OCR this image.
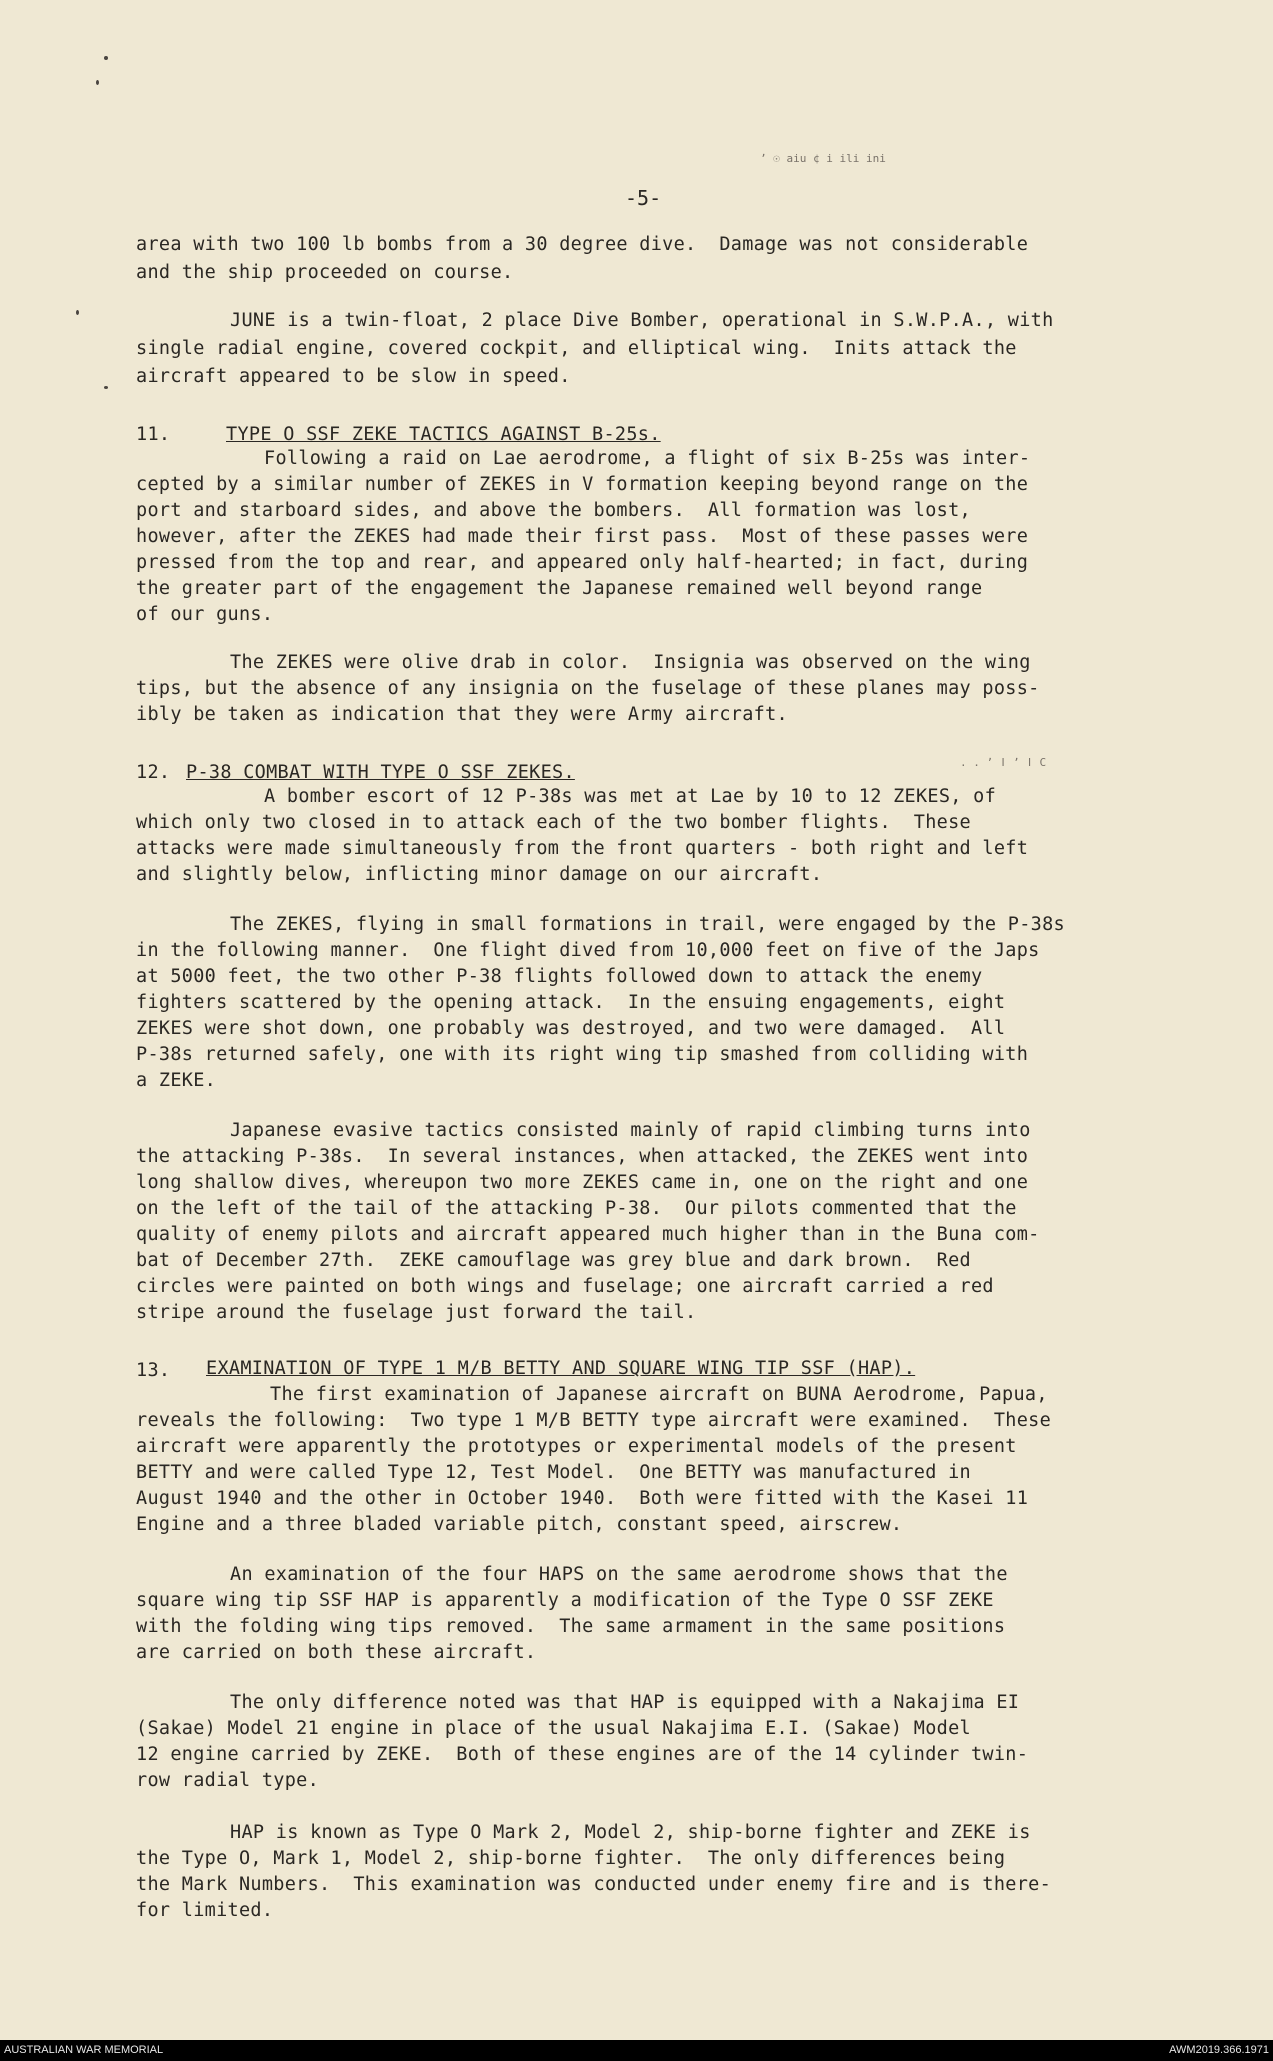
ʼ ☉ aiu ¢ i ili ini
-5-
area with two 100 lb bombs from a 30 degree dive.  Damage was not considerable
and the ship proceeded on course.
JUNE is a twin-float, 2 place Dive Bomber, operational in S.W.P.A., with
single radial engine, covered cockpit, and elliptical wing.  Inits attack the
aircraft appeared to be slow in speed.
11.	TYPE O SSF ZEKE TACTICS AGAINST B-25s.
Following a raid on Lae aerodrome, a flight of six B-25s was inter-
cepted by a similar number of ZEKES in V formation keeping beyond range on the
port and starboard sides, and above the bombers.  All formation was lost,
however, after the ZEKES had made their first pass.  Most of these passes were
pressed from the top and rear, and appeared only half-hearted; in fact, during
the greater part of the engagement the Japanese remained well beyond range
of our guns.
The ZEKES were olive drab in color.  Insignia was observed on the wing
tips, but the absence of any insignia on the fuselage of these planes may poss-
ibly be taken as indication that they were Army aircraft.
12. P-38 COMBAT WITH TYPE O SSF ZEKES.	. . ʼ ǀ ʼ ǀ C
A bomber escort of 12 P-38s was met at Lae by 10 to 12 ZEKES, of
which only two closed in to attack each of the two bomber flights.  These
attacks were made simultaneously from the front quarters - both right and left
and slightly below, inflicting minor damage on our aircraft.
The ZEKES, flying in small formations in trail, were engaged by the P-38s
in the following manner.  One flight dived from 10,000 feet on five of the Japs
at 5000 feet, the two other P-38 flights followed down to attack the enemy
fighters scattered by the opening attack.  In the ensuing engagements, eight
ZEKES were shot down, one probably was destroyed, and two were damaged.  All
P-38s returned safely, one with its right wing tip smashed from colliding with
a ZEKE.
Japanese evasive tactics consisted mainly of rapid climbing turns into
the attacking P-38s.  In several instances, when attacked, the ZEKES went into
long shallow dives, whereupon two more ZEKES came in, one on the right and one
on the left of the tail of the attacking P-38.  Our pilots commented that the
quality of enemy pilots and aircraft appeared much higher than in the Buna com-
bat of December 27th.  ZEKE camouflage was grey blue and dark brown.  Red
circles were painted on both wings and fuselage; one aircraft carried a red
stripe around the fuselage just forward the tail.
13. EXAMINATION OF TYPE 1 M/B BETTY AND SQUARE WING TIP SSF (HAP).
The first examination of Japanese aircraft on BUNA Aerodrome, Papua,
reveals the following:  Two type 1 M/B BETTY type aircraft were examined.  These
aircraft were apparently the prototypes or experimental models of the present
BETTY and were called Type 12, Test Model.  One BETTY was manufactured in
August 1940 and the other in October 1940.  Both were fitted with the Kasei 11
Engine and a three bladed variable pitch, constant speed, airscrew.
An examination of the four HAPS on the same aerodrome shows that the
square wing tip SSF HAP is apparently a modification of the Type O SSF ZEKE
with the folding wing tips removed.  The same armament in the same positions
are carried on both these aircraft.
The only difference noted was that HAP is equipped with a Nakajima EI
(Sakae) Model 21 engine in place of the usual Nakajima E.I. (Sakae) Model
12 engine carried by ZEKE.  Both of these engines are of the 14 cylinder twin-
row radial type.
HAP is known as Type O Mark 2, Model 2, ship-borne fighter and ZEKE is
the Type O, Mark 1, Model 2, ship-borne fighter.  The only differences being
the Mark Numbers.  This examination was conducted under enemy fire and is there-
for limited.
AUSTRALIAN WAR MEMORIAL	AWM2019.366.1971
